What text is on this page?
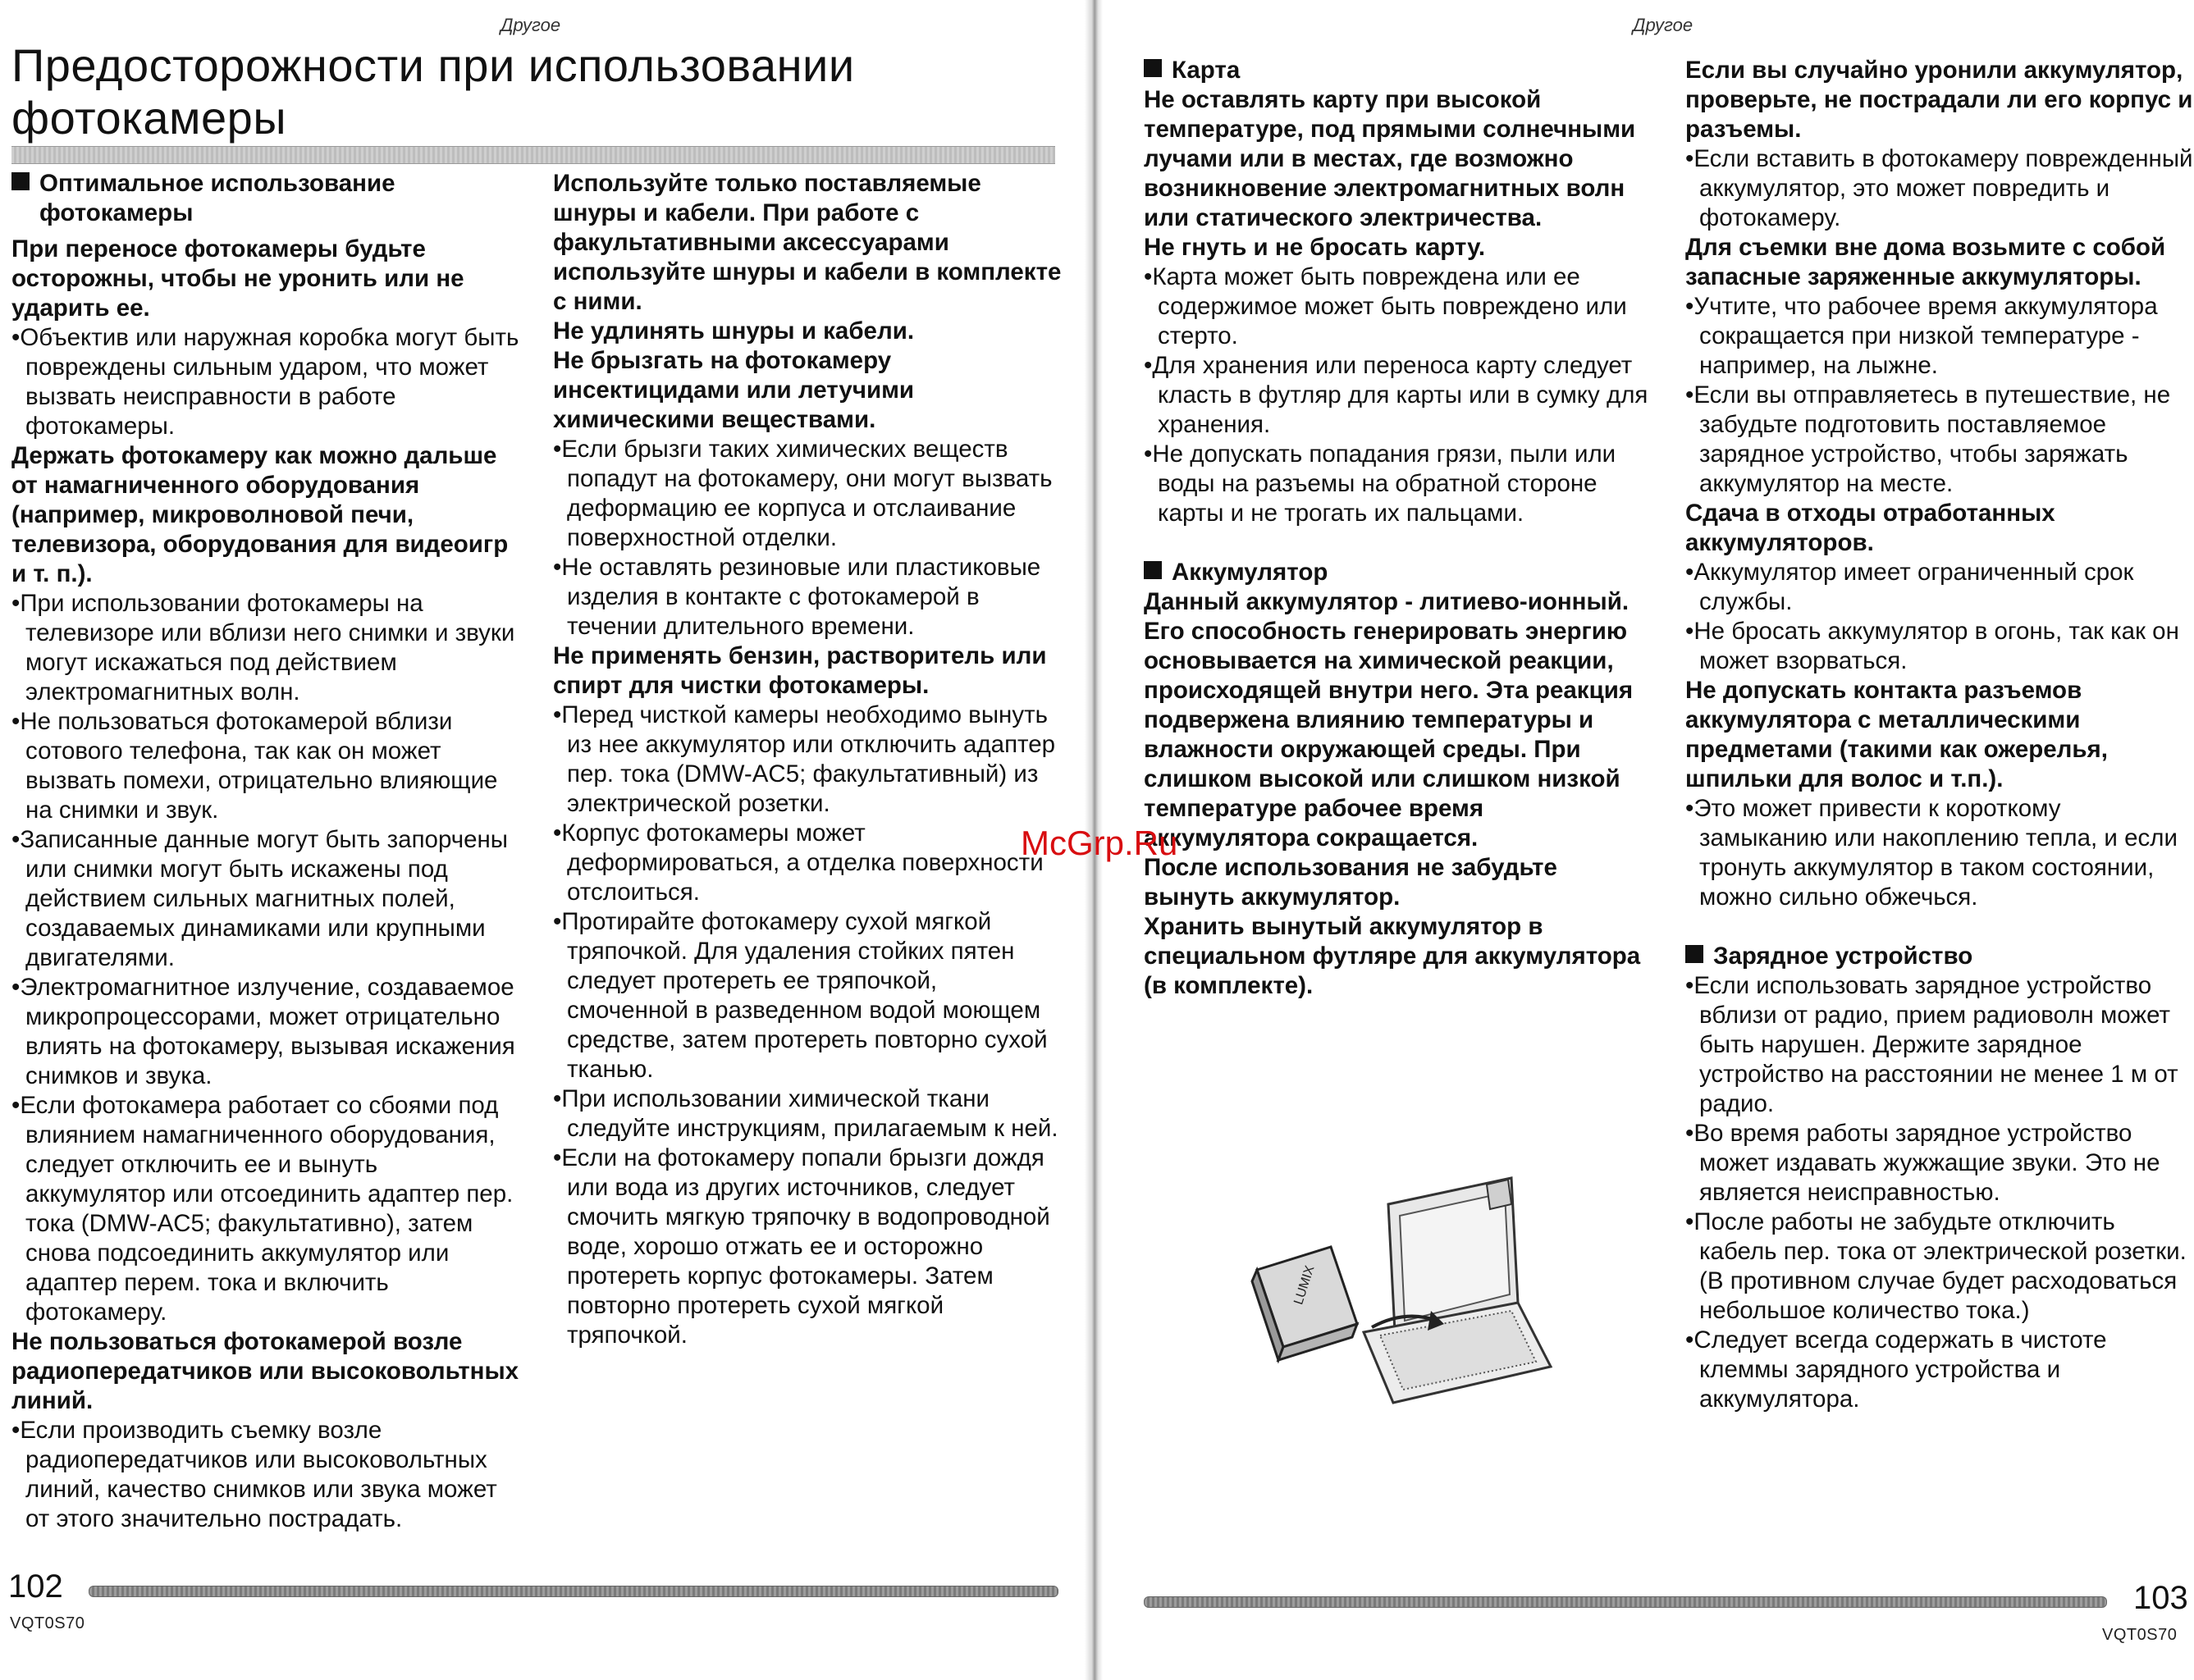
Другое
Предосторожности при использовании фотокамеры

Оптимальное использование фотокамеры

При переносе фотокамеры будьте осторожны, чтобы не уронить или не ударить ее.

• Объектив или наружная коробка могут быть повреждены сильным ударом, что может вызвать неисправности в работе фотокамеры.

Держать фотокамеру как можно дальше от намагниченного оборудования (например, микроволновой печи, телевизора, оборудования для видеоигр и т. п.).

• При использовании фотокамеры на телевизоре или вблизи него снимки и звуки могут искажаться под действием электромагнитных волн.

• Не пользоваться фотокамерой вблизи сотового телефона, так как он может вызвать помехи, отрицательно влияющие на снимки и звук.

• Записанные данные могут быть запорчены или снимки могут быть искажены под действием сильных магнитных полей, создаваемых динамиками или крупными двигателями.

• Электромагнитное излучение, создаваемое микропроцессорами, может отрицательно влиять на фотокамеру, вызывая искажения снимков и звука.

• Если фотокамера работает со сбоями под влиянием намагниченного оборудования, следует отключить ее и вынуть аккумулятор или отсоединить адаптер пер. тока (DMW-AC5; факультативно), затем снова подсоединить аккумулятор или адаптер перем. тока и включить фотокамеру.

Не пользоваться фотокамерой возле радиопередатчиков или высоковольтных линий.

• Если производить съемку возле радиопередатчиков или высоковольтных линий, качество снимков или звука может от этого значительно пострадать.

Используйте только поставляемые шнуры и кабели. При работе с факультативными аксессуарами используйте шнуры и кабели в комплекте с ними.

Не удлинять шнуры и кабели.

Не брызгать на фотокамеру инсектицидами или летучими химическими веществами.

• Если брызги таких химических веществ попадут на фотокамеру, они могут вызвать деформацию ее корпуса и отслаивание поверхностной отделки.

• Не оставлять резиновые или пластиковые изделия в контакте с фотокамерой в течении длительного времени.

Не применять бензин, растворитель или спирт для чистки фотокамеры.

• Перед чисткой камеры необходимо вынуть из нее аккумулятор или отключить адаптер пер. тока (DMW-AC5; факультативный) из электрической розетки.

• Корпус фотокамеры может деформироваться, а отделка поверхности отслоиться.

• Протирайте фотокамеру сухой мягкой тряпочкой. Для удаления стойких пятен следует протереть ее тряпочкой, смоченной в разведенном водой моющем средстве, затем протереть повторно сухой тканью.

• При использовании химической ткани следуйте инструкциям, прилагаемым к ней.

• Если на фотокамеру попали брызги дождя или вода из других источников, следует смочить мягкую тряпочку в водопроводной воде, хорошо отжать ее и осторожно протереть корпус фотокамеры. Затем повторно протереть сухой мягкой тряпочкой.

102
VQT0S70
Другое

Карта

Не оставлять карту при высокой температуре, под прямыми солнечными лучами или в местах, где возможно возникновение электромагнитных волн или статического электричества.

Не гнуть и не бросать карту.

• Карта может быть повреждена или ее содержимое может быть повреждено или стерто.

• Для хранения или переноса карту следует класть в футляр для карты или в сумку для хранения.

• Не допускать попадания грязи, пыли или воды на разъемы на обратной стороне карты и не трогать их пальцами.

Аккумулятор

Данный аккумулятор - литиево-ионный. Его способность генерировать энергию основывается на химической реакции, происходящей внутри него. Эта реакция подвержена влиянию температуры и влажности окружающей среды. При слишком высокой или слишком низкой температуре рабочее время аккумулятора сокращается.

После использования не забудьте вынуть аккумулятор.

Хранить вынутый аккумулятор в специальном футляре для аккумулятора (в комплекте).

LUMIX

Если вы случайно уронили аккумулятор, проверьте, не пострадали ли его корпус и разъемы.

• Если вставить в фотокамеру поврежденный аккумулятор, это может повредить и фотокамеру.

Для съемки вне дома возьмите с собой запасные заряженные аккумуляторы.

• Учтите, что рабочее время аккумулятора сокращается при низкой температуре - например, на лыжне.

• Если вы отправляетесь в путешествие, не забудьте подготовить поставляемое зарядное устройство, чтобы заряжать аккумулятор на месте.

Сдача в отходы отработанных аккумуляторов.

• Аккумулятор имеет ограниченный срок службы.

• Не бросать аккумулятор в огонь, так как он может взорваться.

Не допускать контакта разъемов аккумулятора с металлическими предметами (такими как ожерелья, шпильки для волос и т.п.).

• Это может привести к короткому замыканию или накоплению тепла, и если тронуть аккумулятор в таком состоянии, можно сильно обжечься.

Зарядное устройство

• Если использовать зарядное устройство вблизи от радио, прием радиоволн может быть нарушен. Держите зарядное устройство на расстоянии не менее 1 м от радио.

• Во время работы зарядное устройство может издавать жужжащие звуки. Это не является неисправностью.

• После работы не забудьте отключить кабель пер. тока от электрической розетки. (В противном случае будет расходоваться небольшое количество тока.)

• Следует всегда содержать в чистоте клеммы зарядного устройства и аккумулятора.

103
VQT0S70
McGrp.Ru
